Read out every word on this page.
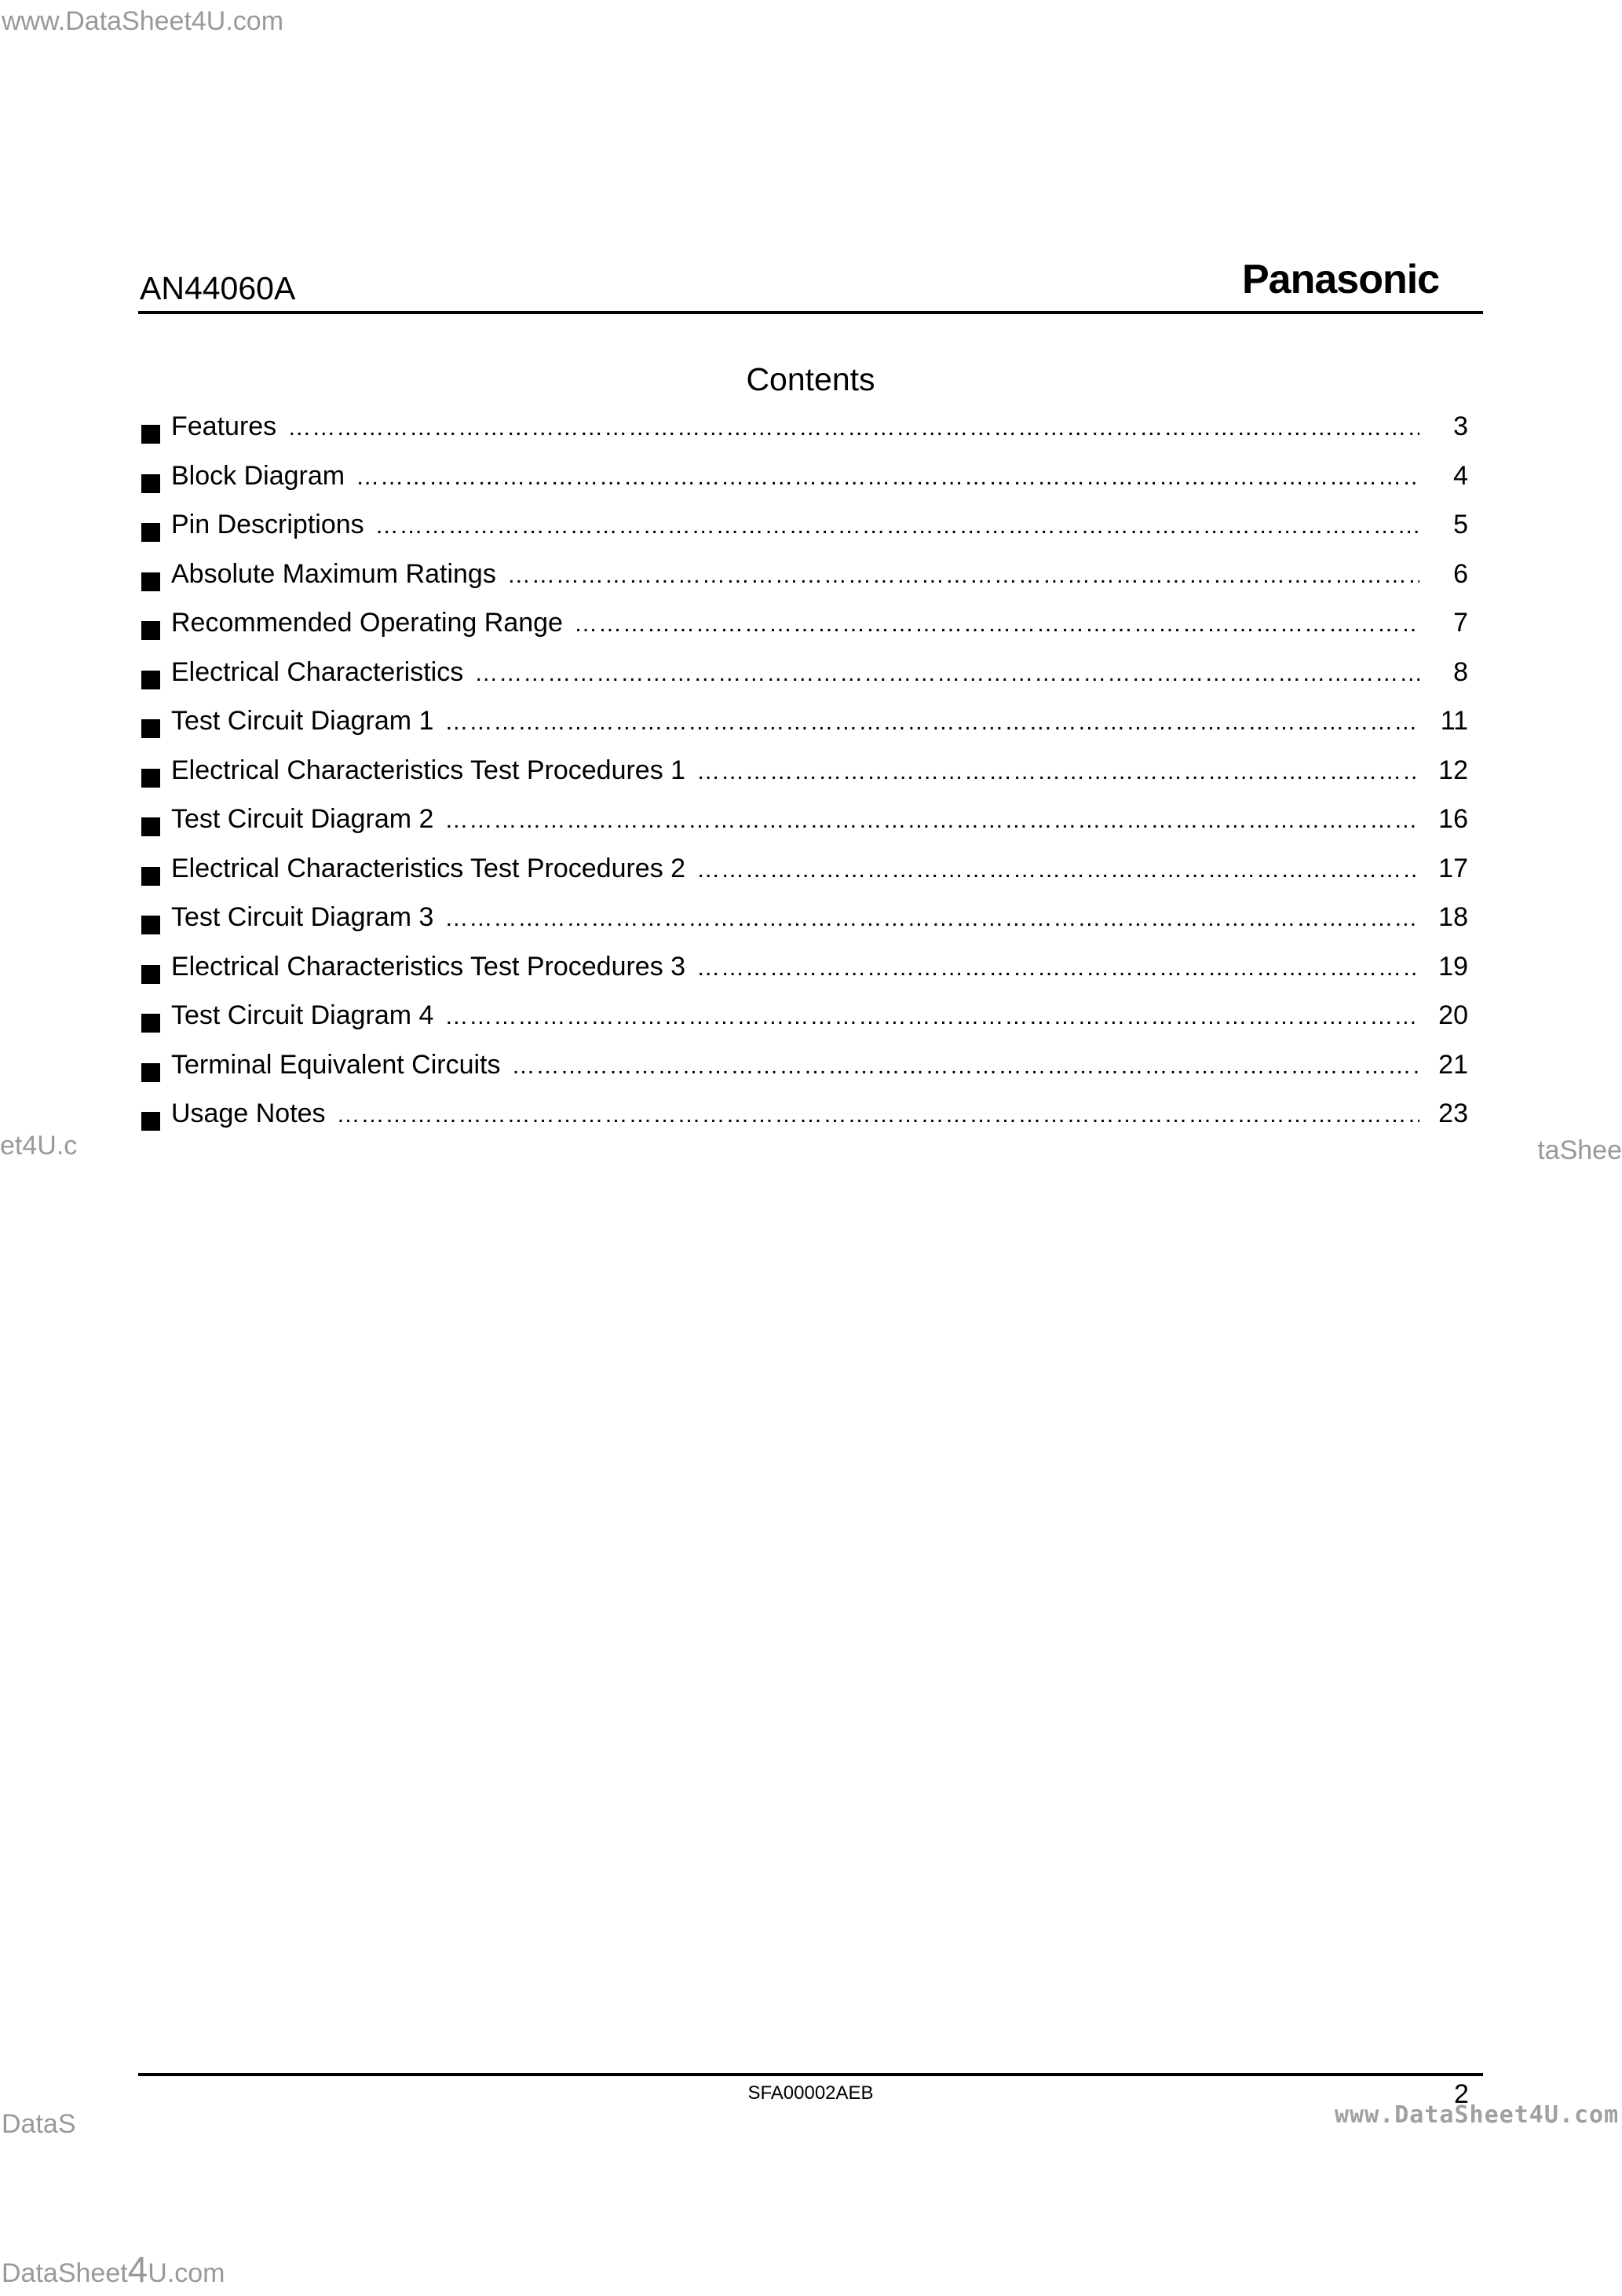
www.DataSheet4U.com
et4U.c	taShee
DataS	www.DataSheet4U.com
DataSheet4U.com
AN44060A	Panasonic
Contents
Features ……………………………………………………………………………………………………………………………………………………………………………………………	3
Block Diagram ……………………………………………………………………………………………………………………………………………………………………………………………	4
Pin Descriptions ……………………………………………………………………………………………………………………………………………………………………………………………	5
Absolute Maximum Ratings ……………………………………………………………………………………………………………………………………………………………………………………………	6
Recommended Operating Range ……………………………………………………………………………………………………………………………………………………………………………………………	7
Electrical Characteristics ……………………………………………………………………………………………………………………………………………………………………………………………	8
Test Circuit Diagram 1 ……………………………………………………………………………………………………………………………………………………………………………………………	11
Electrical Characteristics Test Procedures 1 ……………………………………………………………………………………………………………………………………………………………………………………………	12
Test Circuit Diagram 2 ……………………………………………………………………………………………………………………………………………………………………………………………	16
Electrical Characteristics Test Procedures 2 ……………………………………………………………………………………………………………………………………………………………………………………………	17
Test Circuit Diagram 3 ……………………………………………………………………………………………………………………………………………………………………………………………	18
Electrical Characteristics Test Procedures 3 ……………………………………………………………………………………………………………………………………………………………………………………………	19
Test Circuit Diagram 4 ……………………………………………………………………………………………………………………………………………………………………………………………	20
Terminal Equivalent Circuits ……………………………………………………………………………………………………………………………………………………………………………………………	21
Usage Notes ……………………………………………………………………………………………………………………………………………………………………………………………	23
SFA00002AEB	2
